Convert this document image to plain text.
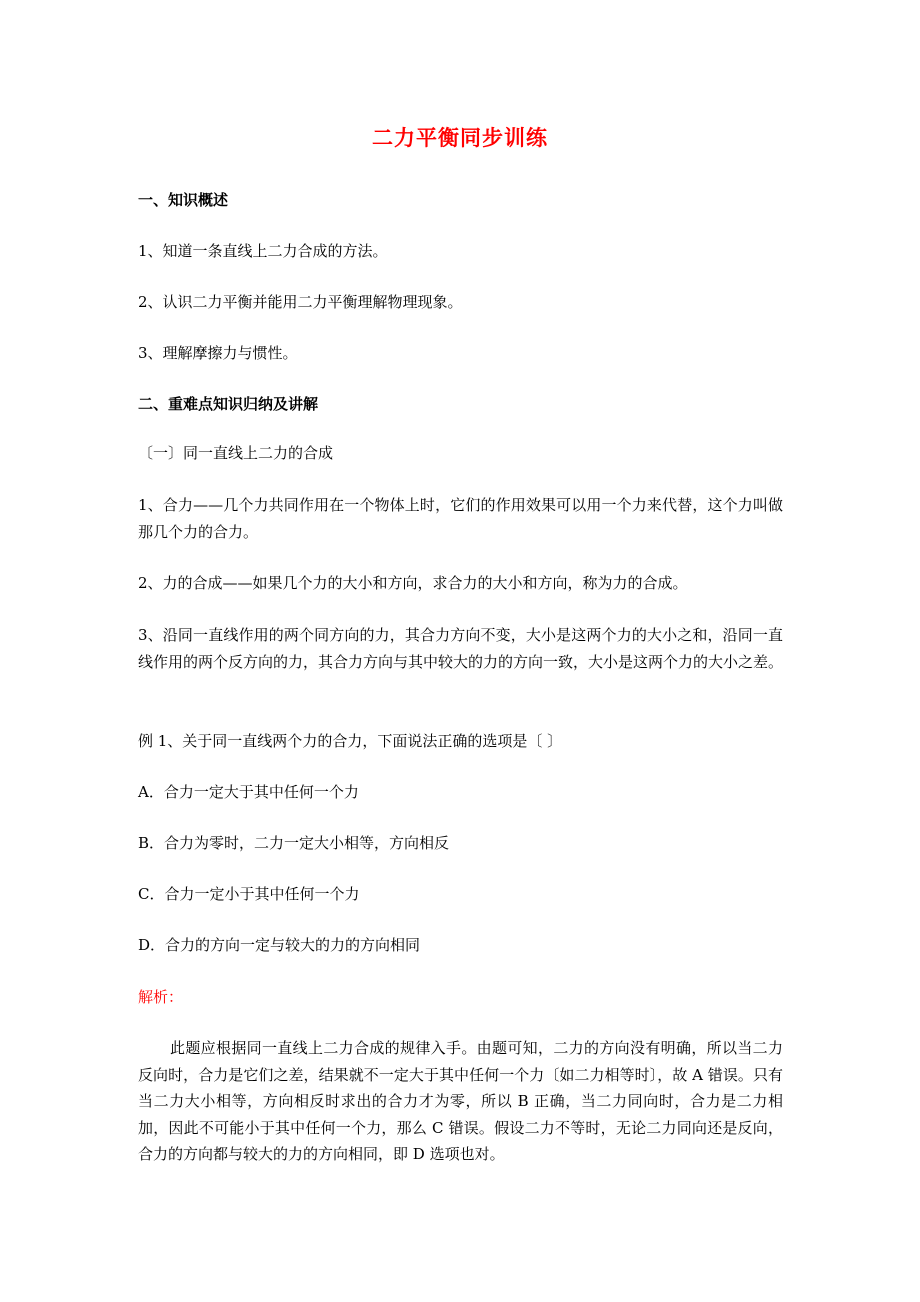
二力平衡同步训练
一、知识概述
1、知道一条直线上二力合成的方法。
2、认识二力平衡并能用二力平衡理解物理现象。
3、理解摩擦力与惯性。
二、重难点知识归纳及讲解
〔一〕同一直线上二力的合成
1、合力——几个力共同作用在一个物体上时，它们的作用效果可以用一个力来代替，这个力叫做那几个力的合力。
2、力的合成——如果几个力的大小和方向，求合力的大小和方向，称为力的合成。
3、沿同一直线作用的两个同方向的力，其合力方向不变，大小是这两个力的大小之和，沿同一直线作用的两个反方向的力，其合力方向与其中较大的力的方向一致，大小是这两个力的大小之差。
例 1、关于同一直线两个力的合力，下面说法正确的选项是〔 〕
A．合力一定大于其中任何一个力
B．合力为零时，二力一定大小相等，方向相反
C．合力一定小于其中任何一个力
D．合力的方向一定与较大的力的方向相同
解析：
此题应根据同一直线上二力合成的规律入手。由题可知，二力的方向没有明确，所以当二力反向时，合力是它们之差，结果就不一定大于其中任何一个力〔如二力相等时〕，故 A 错误。只有当二力大小相等，方向相反时求出的合力才为零，所以 B 正确，当二力同向时，合力是二力相加，因此不可能小于其中任何一个力，那么 C 错误。假设二力不等时，无论二力同向还是反向，合力的方向都与较大的力的方向相同，即 D 选项也对。
